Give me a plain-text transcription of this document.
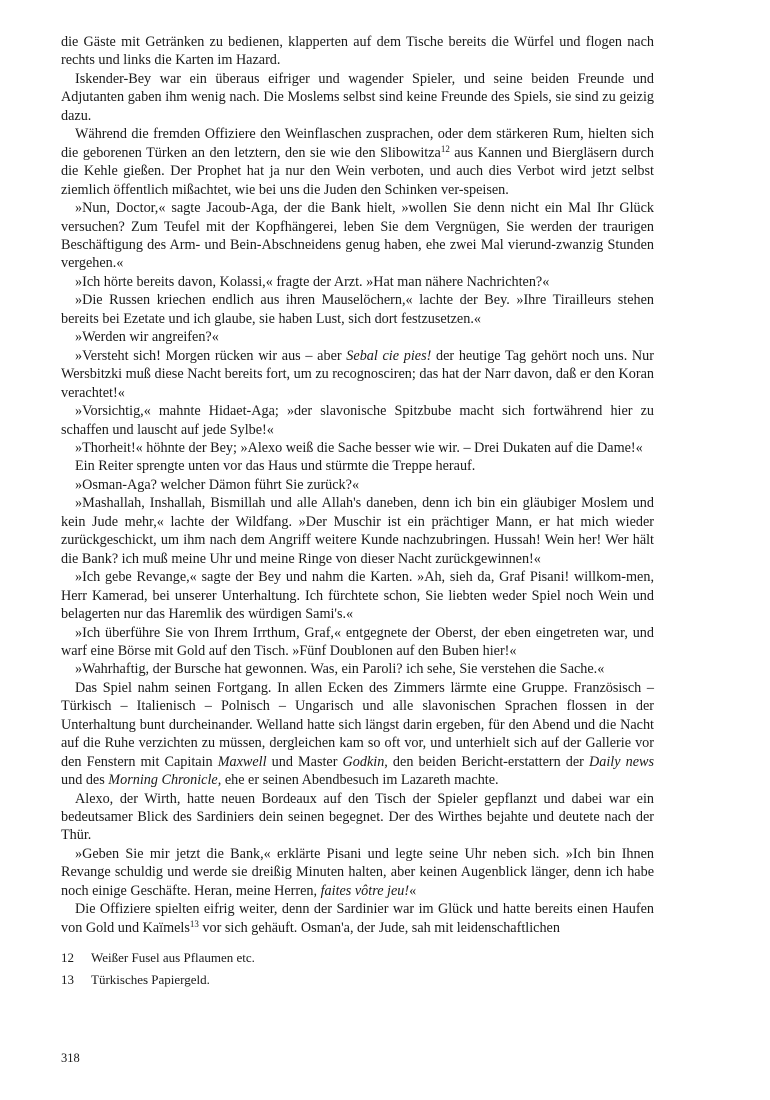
die Gäste mit Getränken zu bedienen, klapperten auf dem Tische bereits die Würfel und flogen nach rechts und links die Karten im Hazard.

Iskender-Bey war ein überaus eifriger und wagender Spieler, und seine beiden Freunde und Adjutanten gaben ihm wenig nach. Die Moslems selbst sind keine Freunde des Spiels, sie sind zu geizig dazu.

Während die fremden Offiziere den Weinflaschen zusprachen, oder dem stärkeren Rum, hielten sich die geborenen Türken an den letztern, den sie wie den Slibowitza$^{12}$ aus Kannen und Biergläsern durch die Kehle gießen. Der Prophet hat ja nur den Wein verboten, und auch dies Verbot wird jetzt selbst ziemlich öffentlich mißachtet, wie bei uns die Juden den Schinken ver-speisen.

»Nun, Doctor,« sagte Jacoub-Aga, der die Bank hielt, »wollen Sie denn nicht ein Mal Ihr Glück versuchen? Zum Teufel mit der Kopfhängerei, leben Sie dem Vergnügen, Sie werden der traurigen Beschäftigung des Arm- und Bein-Abschneidens genug haben, ehe zwei Mal vierund-zwanzig Stunden vergehen.«

»Ich hörte bereits davon, Kolassi,« fragte der Arzt. »Hat man nähere Nachrichten?«

»Die Russen kriechen endlich aus ihren Mauselöchern,« lachte der Bey. »Ihre Tirailleurs stehen bereits bei Ezetate und ich glaube, sie haben Lust, sich dort festzusetzen.«

»Werden wir angreifen?«

»Versteht sich! Morgen rücken wir aus – aber Sebal cie pies! der heutige Tag gehört noch uns. Nur Wersbitzki muß diese Nacht bereits fort, um zu recognosciren; das hat der Narr davon, daß er den Koran verachtet!«

»Vorsichtig,« mahnte Hidaet-Aga; »der slavonische Spitzbube macht sich fortwährend hier zu schaffen und lauscht auf jede Sylbe!«

»Thorheit!« höhnte der Bey; »Alexo weiß die Sache besser wie wir. – Drei Dukaten auf die Dame!«

Ein Reiter sprengte unten vor das Haus und stürmte die Treppe herauf.

»Osman-Aga? welcher Dämon führt Sie zurück?«

»Mashallah, Inshallah, Bismillah und alle Allah's daneben, denn ich bin ein gläubiger Moslem und kein Jude mehr,« lachte der Wildfang. »Der Muschir ist ein prächtiger Mann, er hat mich wieder zurückgeschickt, um ihm nach dem Angriff weitere Kunde nachzubringen. Hussah! Wein her! Wer hält die Bank? ich muß meine Uhr und meine Ringe von dieser Nacht zurückgewinnen!«

»Ich gebe Revange,« sagte der Bey und nahm die Karten. »Ah, sieh da, Graf Pisani! willkom-men, Herr Kamerad, bei unserer Unterhaltung. Ich fürchtete schon, Sie liebten weder Spiel noch Wein und belagerten nur das Haremlik des würdigen Sami's.«

»Ich überführe Sie von Ihrem Irrthum, Graf,« entgegnete der Oberst, der eben eingetreten war, und warf eine Börse mit Gold auf den Tisch. »Fünf Doublonen auf den Buben hier!«

»Wahrhaftig, der Bursche hat gewonnen. Was, ein Paroli? ich sehe, Sie verstehen die Sache.«

Das Spiel nahm seinen Fortgang. In allen Ecken des Zimmers lärmte eine Gruppe. Französisch – Türkisch – Italienisch – Polnisch – Ungarisch und alle slavonischen Sprachen flossen in der Unterhaltung bunt durcheinander. Welland hatte sich längst darin ergeben, für den Abend und die Nacht auf die Ruhe verzichten zu müssen, dergleichen kam so oft vor, und unterhielt sich auf der Gallerie vor den Fenstern mit Capitain Maxwell und Master Godkin, den beiden Bericht-erstattern der Daily news und des Morning Chronicle, ehe er seinen Abendbesuch im Lazareth machte.

Alexo, der Wirth, hatte neuen Bordeaux auf den Tisch der Spieler gepflanzt und dabei war ein bedeutsamer Blick des Sardiniers dein seinen begegnet. Der des Wirthes bejahte und deutete nach der Thür.

»Geben Sie mir jetzt die Bank,« erklärte Pisani und legte seine Uhr neben sich. »Ich bin Ihnen Revange schuldig und werde sie dreißig Minuten halten, aber keinen Augenblick länger, denn ich habe noch einige Geschäfte. Heran, meine Herren, faites vôtre jeu!«

Die Offiziere spielten eifrig weiter, denn der Sardinier war im Glück und hatte bereits einen Haufen von Gold und Kaïmels$^{13}$ vor sich gehäuft. Osman'a, der Jude, sah mit leidenschaftlichen

12	Weißer Fusel aus Pflaumen etc.
13	Türkisches Papiergeld.
318
